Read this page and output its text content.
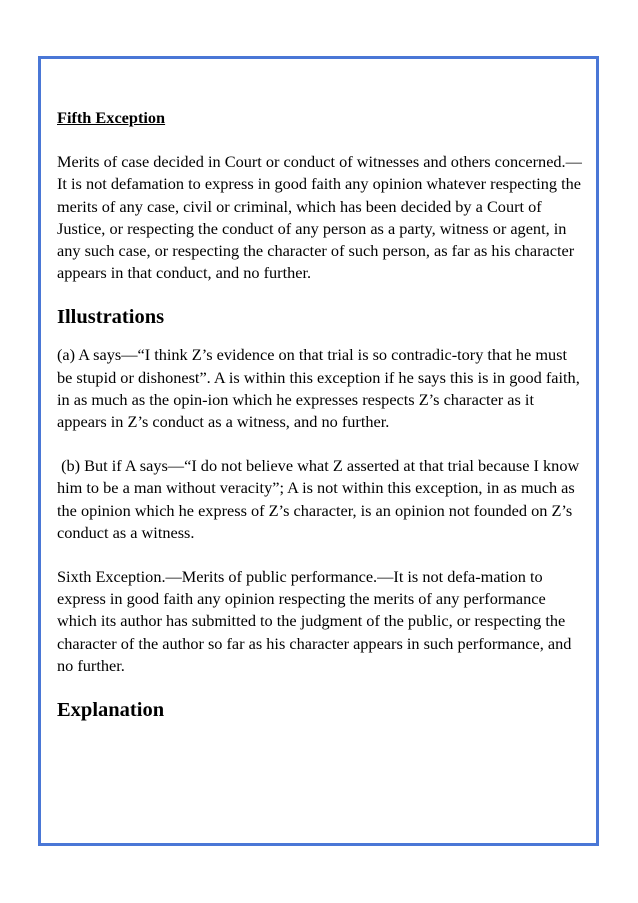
Fifth Exception

Merits of case decided in Court or conduct of witnesses and others concerned.—It is not defamation to express in good faith any opinion whatever respecting the merits of any case, civil or criminal, which has been decided by a Court of Justice, or respecting the conduct of any person as a party, witness or agent, in any such case, or respecting the character of such person, as far as his character appears in that conduct, and no further.

Illustrations

(a) A says—“I think Z’s evidence on that trial is so contradic-tory that he must be stupid or dishonest”. A is within this exception if he says this is in good faith, in as much as the opin-ion which he expresses respects Z’s character as it appears in Z’s conduct as a witness, and no further.

(b) But if A says—“I do not believe what Z asserted at that trial because I know him to be a man without veracity”; A is not within this exception, in as much as the opinion which he express of Z’s character, is an opinion not founded on Z’s conduct as a witness.

Sixth Exception.—Merits of public performance.—It is not defa-mation to express in good faith any opinion respecting the merits of any performance which its author has submitted to the judgment of the public, or respecting the character of the author so far as his character appears in such performance, and no further.

Explanation
